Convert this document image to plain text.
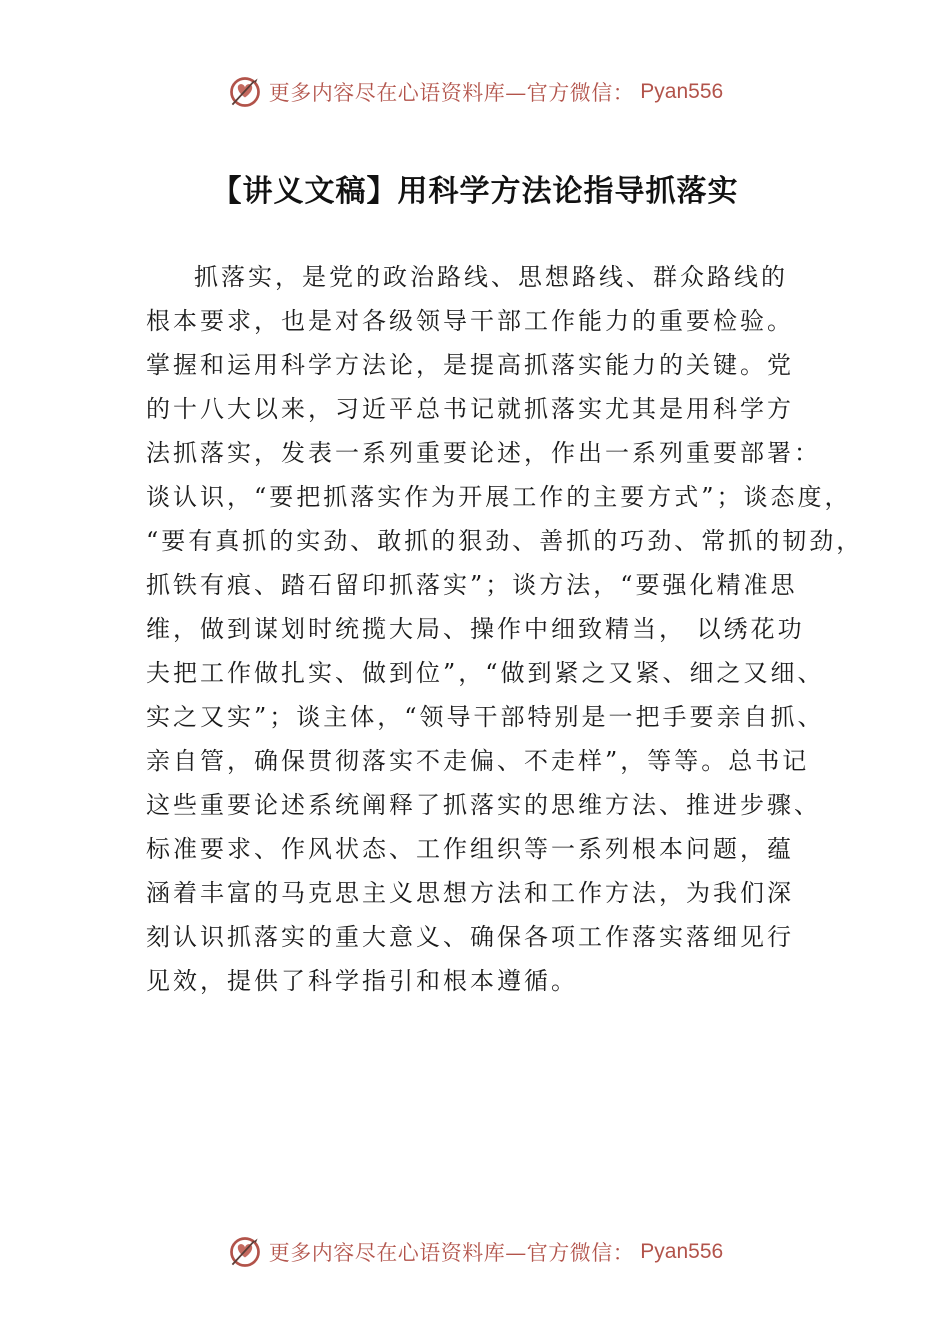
更多内容尽在心语资料库—官方微信： Pyan556
【讲义文稿】用科学方法论指导抓落实
抓落实，是党的政治路线、思想路线、群众路线的
根本要求，也是对各级领导干部工作能力的重要检验。
掌握和运用科学方法论，是提高抓落实能力的关键。党
的十八大以来，习近平总书记就抓落实尤其是用科学方
法抓落实，发表一系列重要论述，作出一系列重要部署：
谈认识，“要把抓落实作为开展工作的主要方式”；谈态度，
“要有真抓的实劲、敢抓的狠劲、善抓的巧劲、常抓的韧劲，
抓铁有痕、踏石留印抓落实”；谈方法，“要强化精准思
维，做到谋划时统揽大局、操作中细致精当， 以绣花功
夫把工作做扎实、做到位”，“做到紧之又紧、细之又细、
实之又实”；谈主体，“领导干部特别是一把手要亲自抓、
亲自管，确保贯彻落实不走偏、不走样”，等等。总书记
这些重要论述系统阐释了抓落实的思维方法、推进步骤、
标准要求、作风状态、工作组织等一系列根本问题，蕴
涵着丰富的马克思主义思想方法和工作方法，为我们深
刻认识抓落实的重大意义、确保各项工作落实落细见行
见效，提供了科学指引和根本遵循。
更多内容尽在心语资料库—官方微信： Pyan556
